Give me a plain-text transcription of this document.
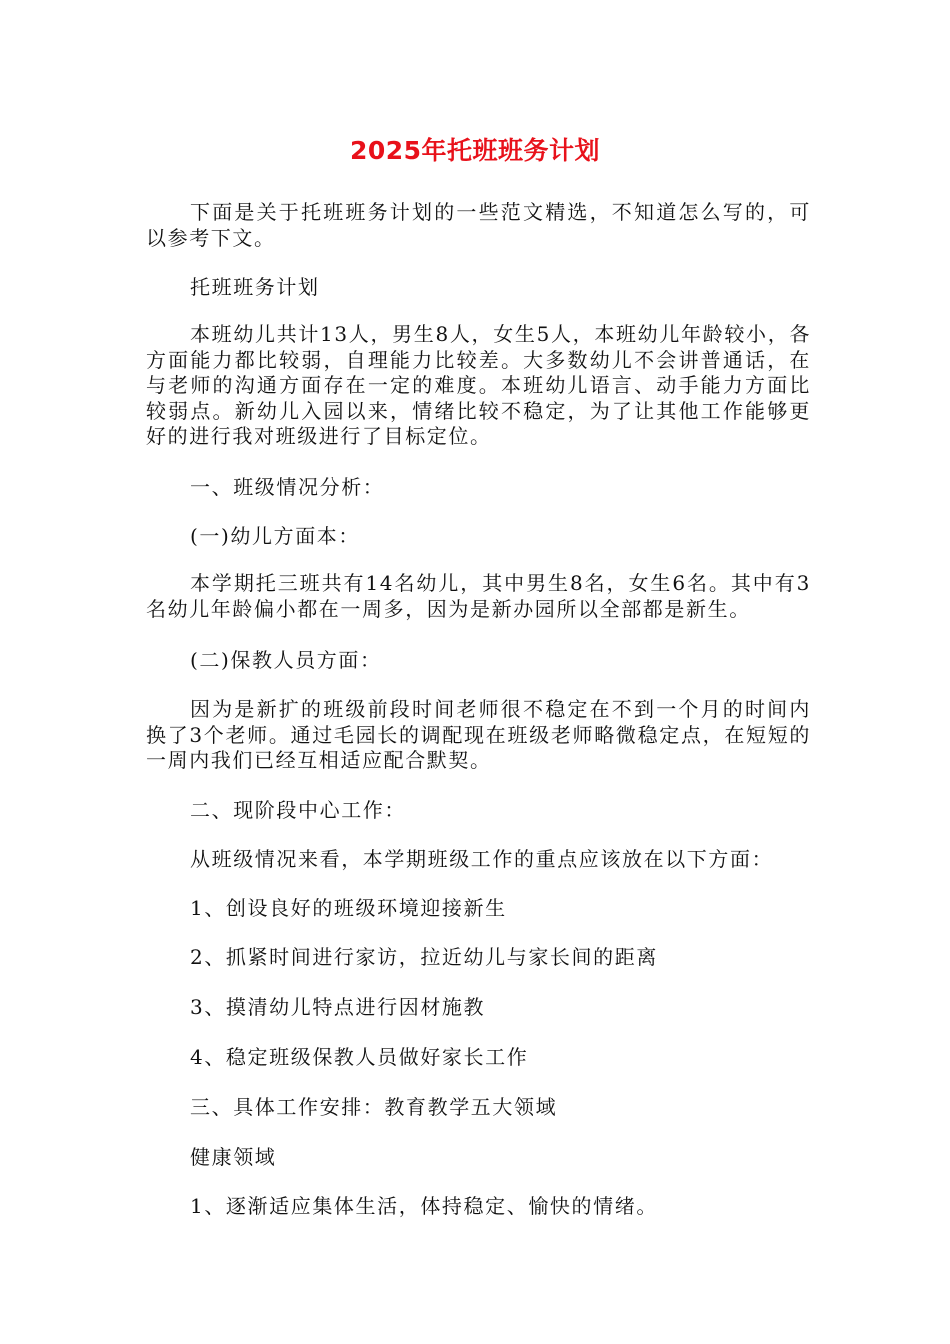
2025年托班班务计划

下面是关于托班班务计划的一些范文精选，不知道怎么写的，可以参考下文。

托班班务计划

本班幼儿共计13人，男生8人，女生5人，本班幼儿年龄较小，各方面能力都比较弱，自理能力比较差。大多数幼儿不会讲普通话，在与老师的沟通方面存在一定的难度。本班幼儿语言、动手能力方面比较弱点。新幼儿入园以来，情绪比较不稳定，为了让其他工作能够更好的进行我对班级进行了目标定位。

一、班级情况分析：

(一)幼儿方面本：

本学期托三班共有14名幼儿，其中男生8名，女生6名。其中有3名幼儿年龄偏小都在一周多，因为是新办园所以全部都是新生。

(二)保教人员方面：

因为是新扩的班级前段时间老师很不稳定在不到一个月的时间内换了3个老师。通过毛园长的调配现在班级老师略微稳定点，在短短的一周内我们已经互相适应配合默契。

二、现阶段中心工作：

从班级情况来看，本学期班级工作的重点应该放在以下方面：

1、创设良好的班级环境迎接新生

2、抓紧时间进行家访，拉近幼儿与家长间的距离

3、摸清幼儿特点进行因材施教

4、稳定班级保教人员做好家长工作

三、具体工作安排：教育教学五大领域

健康领域

1、逐渐适应集体生活，体持稳定、愉快的情绪。
